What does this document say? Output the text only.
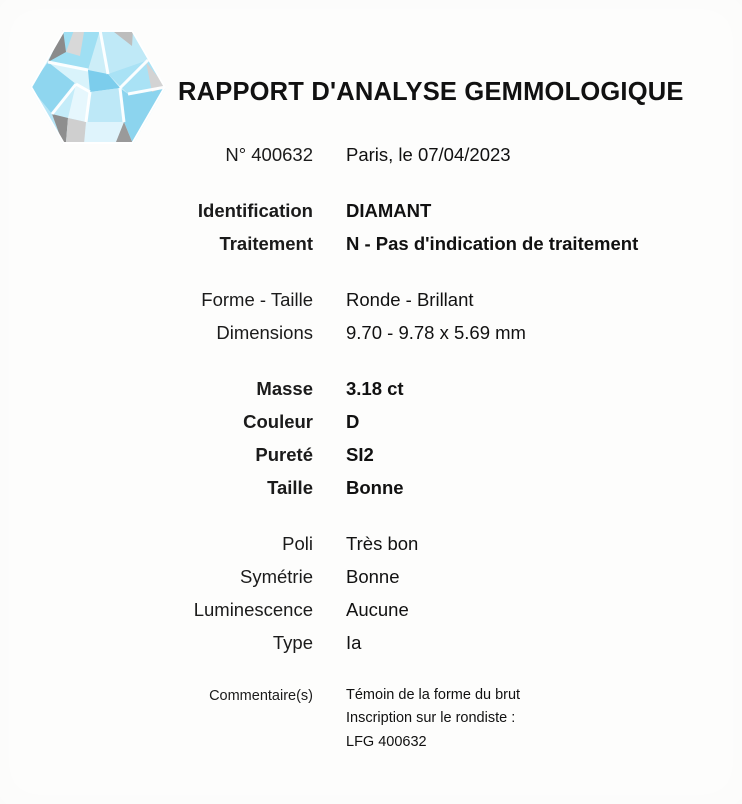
RAPPORT D'ANALYSE GEMMOLOGIQUE
N° 400632 Paris, le 07/04/2023
Identification DIAMANT
Traitement N - Pas d'indication de traitement
Forme - Taille Ronde - Brillant
Dimensions 9.70 - 9.78 x 5.69 mm
Masse 3.18 ct
Couleur D
Pureté SI2
Taille Bonne
Poli Très bon
Symétrie Bonne
Luminescence Aucune
Type Ia
Commentaire(s) Témoin de la forme du brut
Inscription sur le rondiste :
LFG 400632
